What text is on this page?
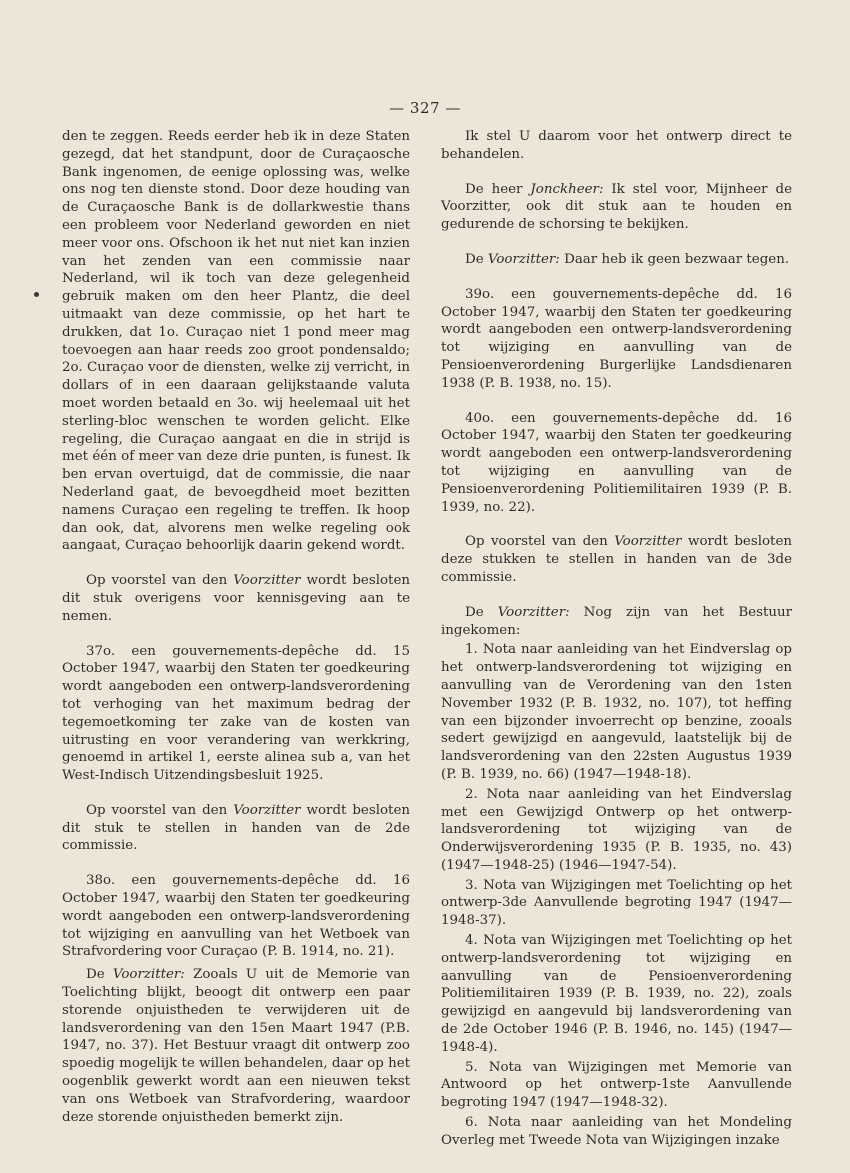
— 327 —

den te zeggen. Reeds eerder heb ik in deze Staten gezegd, dat het standpunt, door de Curaçaosche Bank ingenomen, de eenige oplossing was, welke ons nog ten dienste stond. Door deze houding van de Curaçaosche Bank is de dollarkwestie thans een probleem voor Nederland geworden en niet meer voor ons. Ofschoon ik het nut niet kan inzien van het zenden van een commissie naar Nederland, wil ik toch van deze gelegenheid gebruik maken om den heer Plantz, die deel uitmaakt van deze commissie, op het hart te drukken, dat 1o. Curaçao niet 1 pond meer mag toevoegen aan haar reeds zoo groot pondensaldo; 2o. Curaçao voor de diensten, welke zij verricht, in dollars of in een daaraan gelijkstaande valuta moet worden betaald en 3o. wij heelemaal uit het sterling-bloc wenschen te worden gelicht. Elke regeling, die Curaçao aangaat en die in strijd is met één of meer van deze drie punten, is funest. Ik ben ervan overtuigd, dat de commissie, die naar Nederland gaat, de bevoegdheid moet bezitten namens Curaçao een regeling te treffen. Ik hoop dan ook, dat, alvorens men welke regeling ook aangaat, Curaçao behoorlijk daarin gekend wordt.

Op voorstel van den Voorzitter wordt besloten dit stuk overigens voor kennisgeving aan te nemen.

37o. een gouvernements-depêche dd. 15 October 1947, waarbij den Staten ter goedkeuring wordt aangeboden een ontwerp-landsverordening tot verhoging van het maximum bedrag der tegemoetkoming ter zake van de kosten van uitrusting en voor verandering van werkkring, genoemd in artikel 1, eerste alinea sub a, van het West-Indisch Uitzendingsbesluit 1925.

Op voorstel van den Voorzitter wordt besloten dit stuk te stellen in handen van de 2de commissie.

38o. een gouvernements-depêche dd. 16 October 1947, waarbij den Staten ter goedkeuring wordt aangeboden een ontwerp-landsverordening tot wijziging en aanvulling van het Wetboek van Strafvordering voor Curaçao (P. B. 1914, no. 21).

De Voorzitter: Zooals U uit de Memorie van Toelichting blijkt, beoogt dit ontwerp een paar storende onjuistheden te verwijderen uit de landsverordening van den 15en Maart 1947 (P.B. 1947, no. 37). Het Bestuur vraagt dit ontwerp zoo spoedig mogelijk te willen behandelen, daar op het oogenblik gewerkt wordt aan een nieuwen tekst van ons Wetboek van Strafvordering, waardoor deze storende onjuistheden bemerkt zijn.

Ik stel U daarom voor het ontwerp direct te behandelen.

De heer Jonckheer: Ik stel voor, Mijnheer de Voorzitter, ook dit stuk aan te houden en gedurende de schorsing te bekijken.

De Voorzitter: Daar heb ik geen bezwaar tegen.

39o. een gouvernements-depêche dd. 16 October 1947, waarbij den Staten ter goedkeuring wordt aangeboden een ontwerp-landsverordening tot wijziging en aanvulling van de Pensioenverordening Burgerlijke Landsdienaren 1938 (P. B. 1938, no. 15).

40o. een gouvernements-depêche dd. 16 October 1947, waarbij den Staten ter goedkeuring wordt aangeboden een ontwerp-landsverordening tot wijziging en aanvulling van de Pensioenverordening Politiemilitairen 1939 (P. B. 1939, no. 22).

Op voorstel van den Voorzitter wordt besloten deze stukken te stellen in handen van de 3de commissie.

De Voorzitter: Nog zijn van het Bestuur ingekomen:

1. Nota naar aanleiding van het Eindverslag op het ontwerp-landsverordening tot wijziging en aanvulling van de Verordening van den 1sten November 1932 (P. B. 1932, no. 107), tot heffing van een bijzonder invoerrecht op benzine, zooals sedert gewijzigd en aangevuld, laatstelijk bij de landsverordening van den 22sten Augustus 1939 (P. B. 1939, no. 66) (1947—1948-18).

2. Nota naar aanleiding van het Eindverslag met een Gewijzigd Ontwerp op het ontwerp-landsverordening tot wijziging van de Onderwijsverordening 1935 (P. B. 1935, no. 43) (1947—1948-25) (1946—1947-54).

3. Nota van Wijzigingen met Toelichting op het ontwerp-3de Aanvullende begroting 1947 (1947—1948-37).

4. Nota van Wijzigingen met Toelichting op het ontwerp-landsverordening tot wijziging en aanvulling van de Pensioenverordening Politiemilitairen 1939 (P. B. 1939, no. 22), zoals gewijzigd en aangevuld bij landsverordening van de 2de October 1946 (P. B. 1946, no. 145) (1947—1948-4).

5. Nota van Wijzigingen met Memorie van Antwoord op het ontwerp-1ste Aanvullende begroting 1947 (1947—1948-32).

6. Nota naar aanleiding van het Mondeling Overleg met Tweede Nota van Wijzigingen inzake
